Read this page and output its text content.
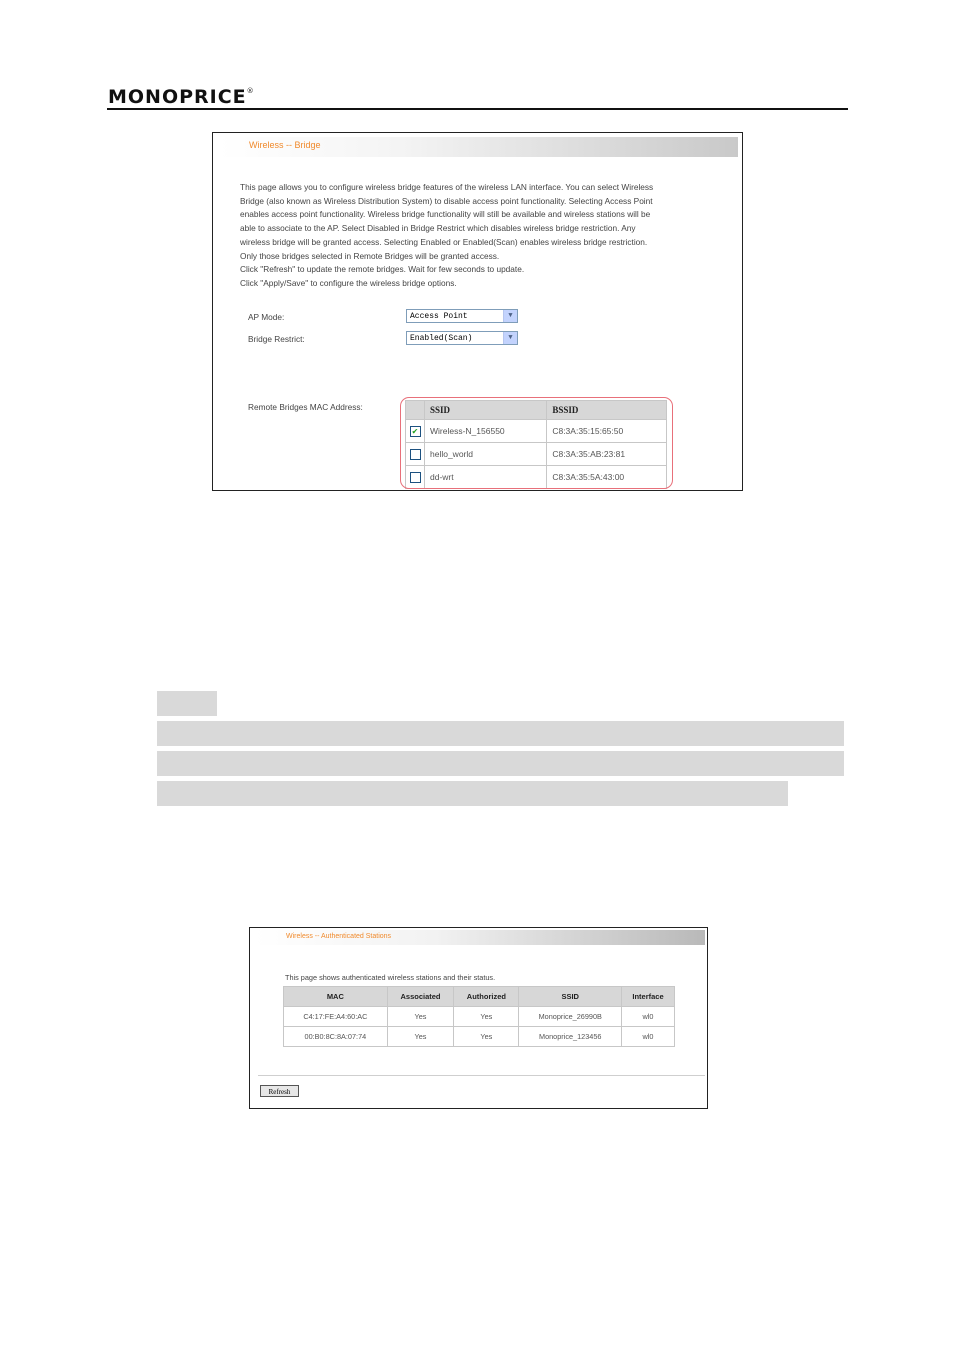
MONOPRICE®
Wireless -- Bridge

This page allows you to configure wireless bridge features of the wireless LAN interface. You can select Wireless

Bridge (also known as Wireless Distribution System) to disable access point functionality. Selecting Access Point

enables access point functionality. Wireless bridge functionality will still be available and wireless stations will be

able to associate to the AP. Select Disabled in Bridge Restrict which disables wireless bridge restriction. Any

wireless bridge will be granted access. Selecting Enabled or Enabled(Scan) enables wireless bridge restriction.

Only those bridges selected in Remote Bridges will be granted access.

Click "Refresh" to update the remote bridges. Wait for few seconds to update.

Click "Apply/Save" to configure the wireless bridge options.

AP Mode:	Access Point	▼
Bridge Restrict:	Enabled(Scan)	▼
Remote Bridges MAC Address:
		SSID	BSSID
✔	Wireless-N_156550	C8:3A:35:15:65:50
	hello_world	C8:3A:35:AB:23:81
	dd-wrt	C8:3A:35:5A:43:00
Wireless -- Authenticated Stations
This page shows authenticated wireless stations and their status.
MAC	Associated	Authorized	SSID	Interface
C4:17:FE:A4:60:AC	Yes	Yes	Monoprice_26990B	wl0
00:B0:8C:8A:07:74	Yes	Yes	Monoprice_123456	wl0
Refresh
